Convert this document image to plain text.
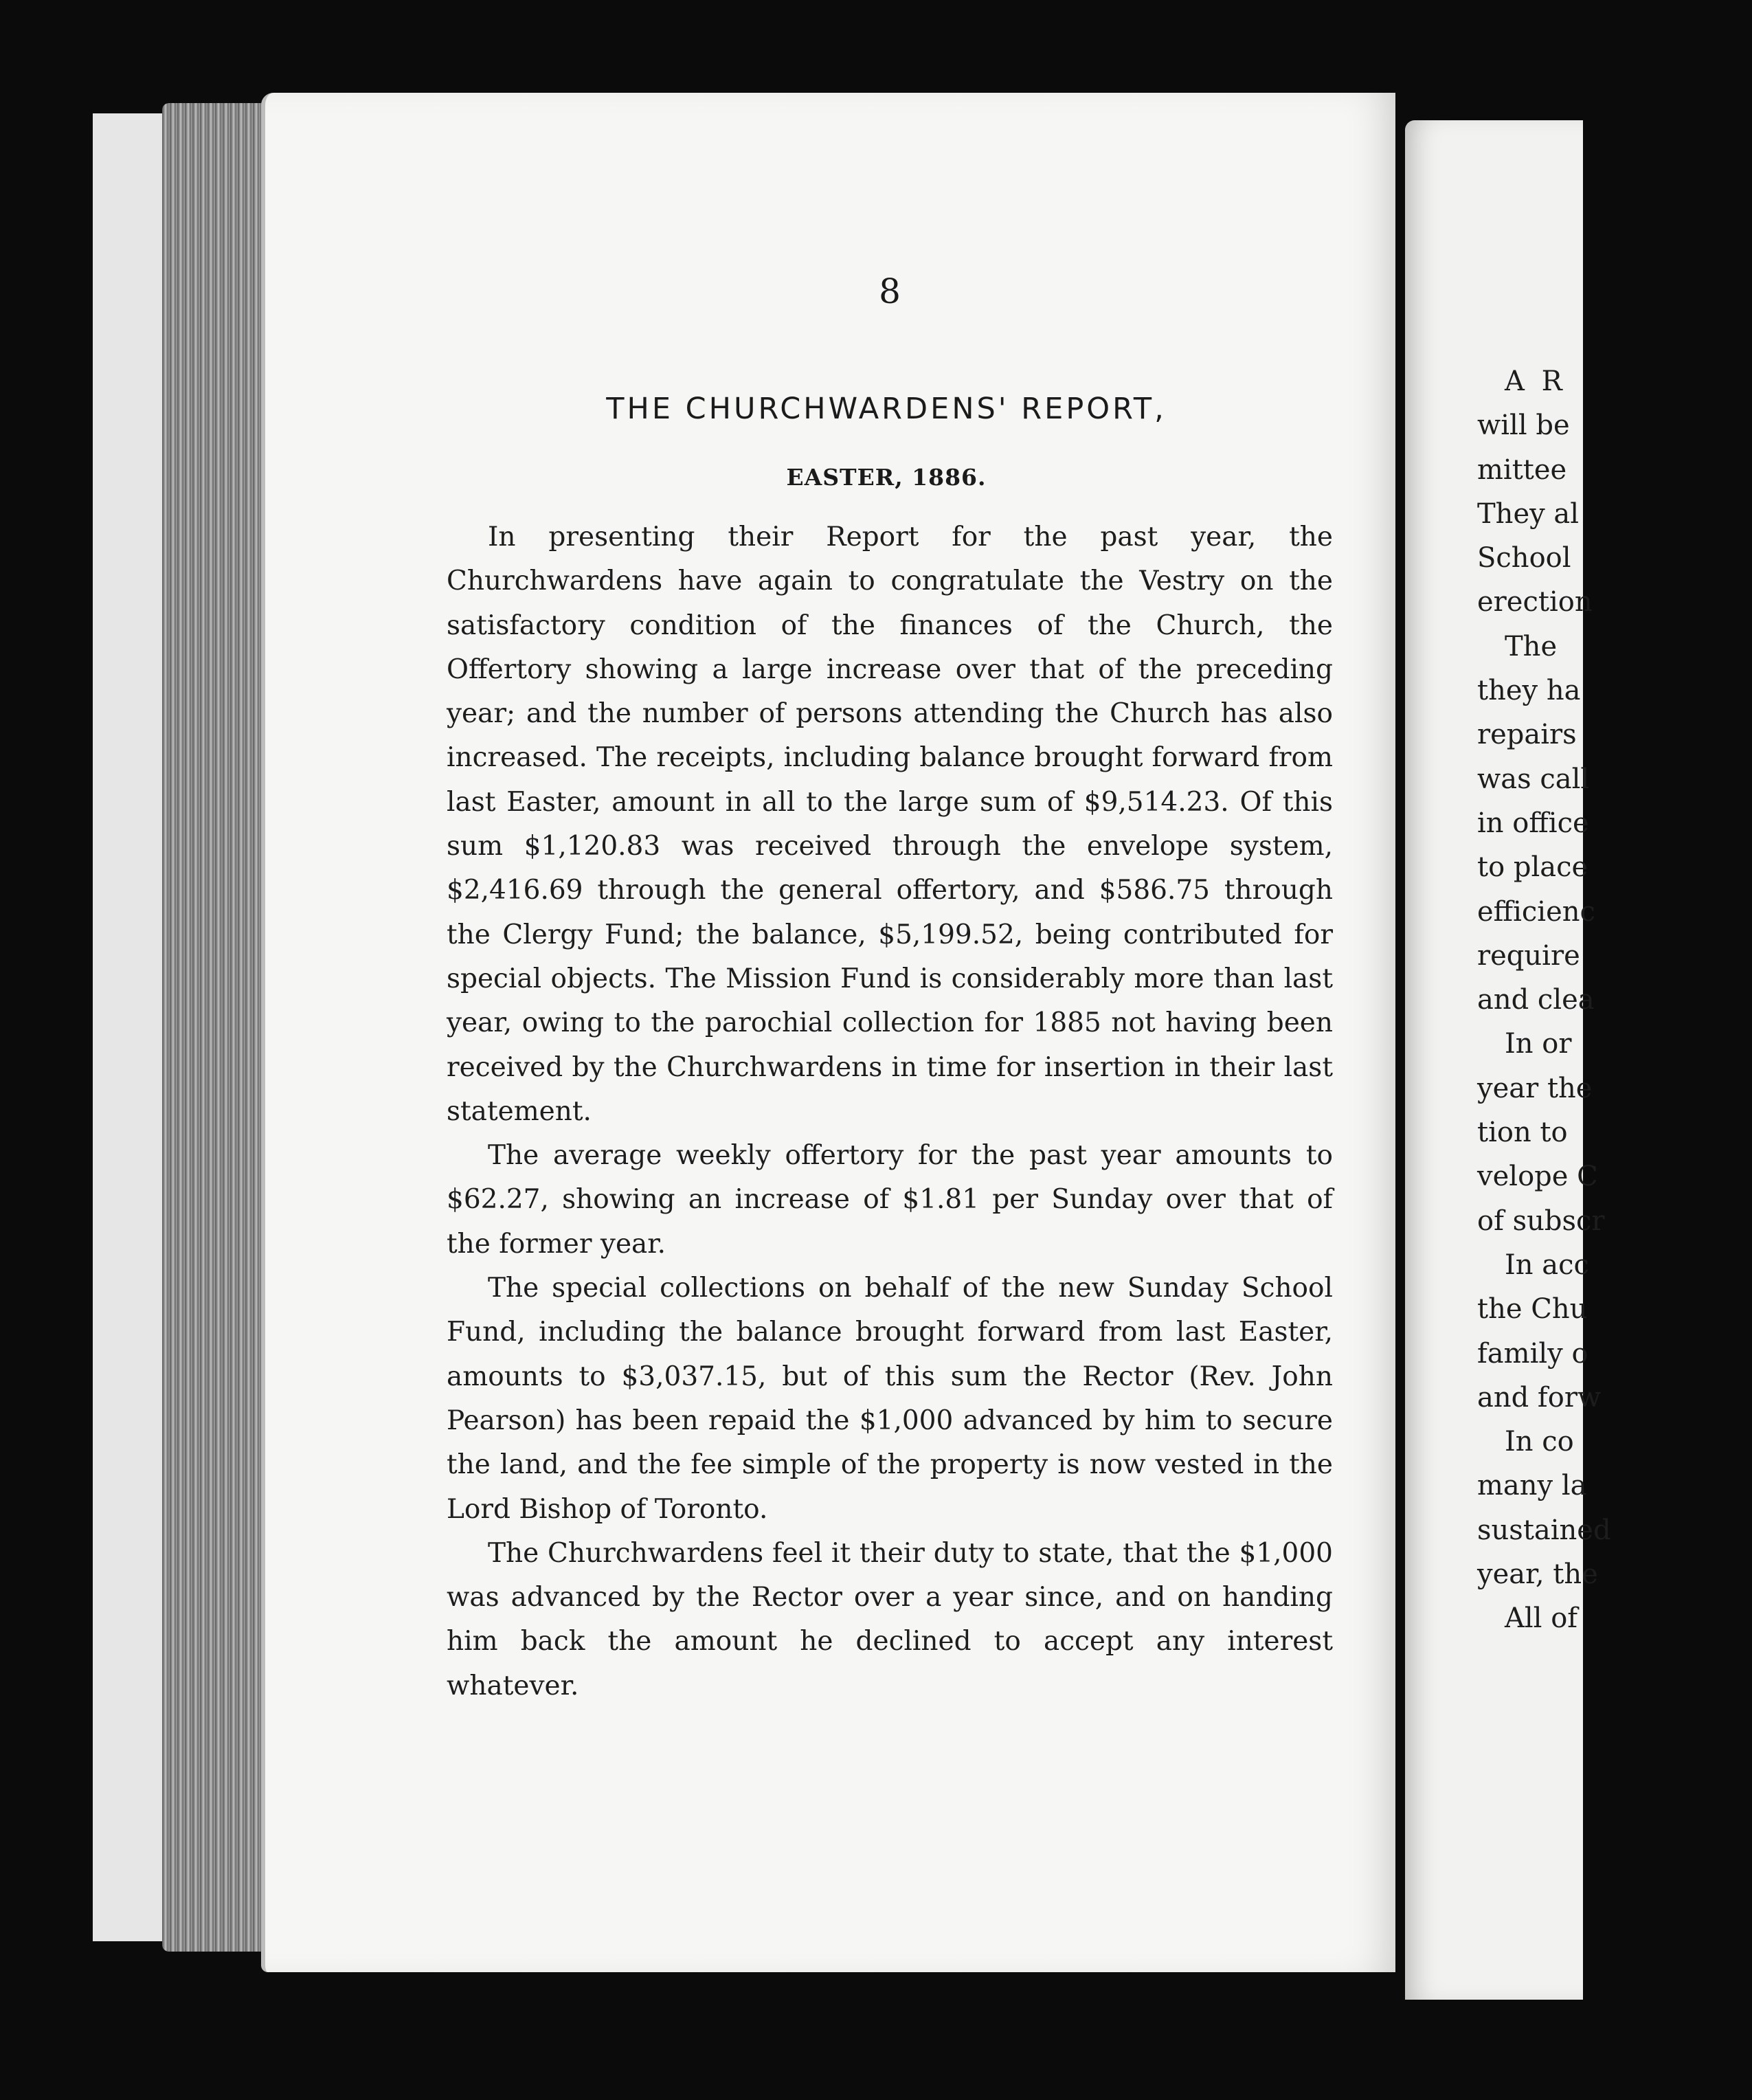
8
THE CHURCHWARDENS' REPORT,
EASTER, 1886.

In presenting their Report for the past year, the Churchwardens have again to congratulate the Vestry on the satisfactory condition of the finances of the Church, the Offertory showing a large increase over that of the preceding year; and the number of persons attending the Church has also increased. The receipts, including balance brought forward from last Easter, amount in all to the large sum of $9,514.23. Of this sum $1,120.83 was received through the envelope system, $2,416.69 through the general offertory, and $586.75 through the Clergy Fund; the balance, $5,199.52, being contributed for special objects. The Mission Fund is considerably more than last year, owing to the parochial collection for 1885 not having been received by the Churchwardens in time for insertion in their last statement.

The average weekly offertory for the past year amounts to $62.27, showing an increase of $1.81 per Sunday over that of the former year.

The special collections on behalf of the new Sunday School Fund, including the balance brought forward from last Easter, amounts to $3,037.15, but of this sum the Rector (Rev. John Pearson) has been repaid the $1,000 advanced by him to secure the land, and the fee simple of the property is now vested in the Lord Bishop of Toronto.

The Churchwardens feel it their duty to state, that the $1,000 was advanced by the Rector over a year since, and on handing him back the amount he declined to accept any interest whatever.

A R
will be
mittee
They al
School
erection
The
they ha
repairs
was call
in office
to place
efficienc
require
and clea
In or
year the
tion to
velope C
of subscr
In acc
the Chu
family o
and forw
In co
many la
sustained
year, the
All of
